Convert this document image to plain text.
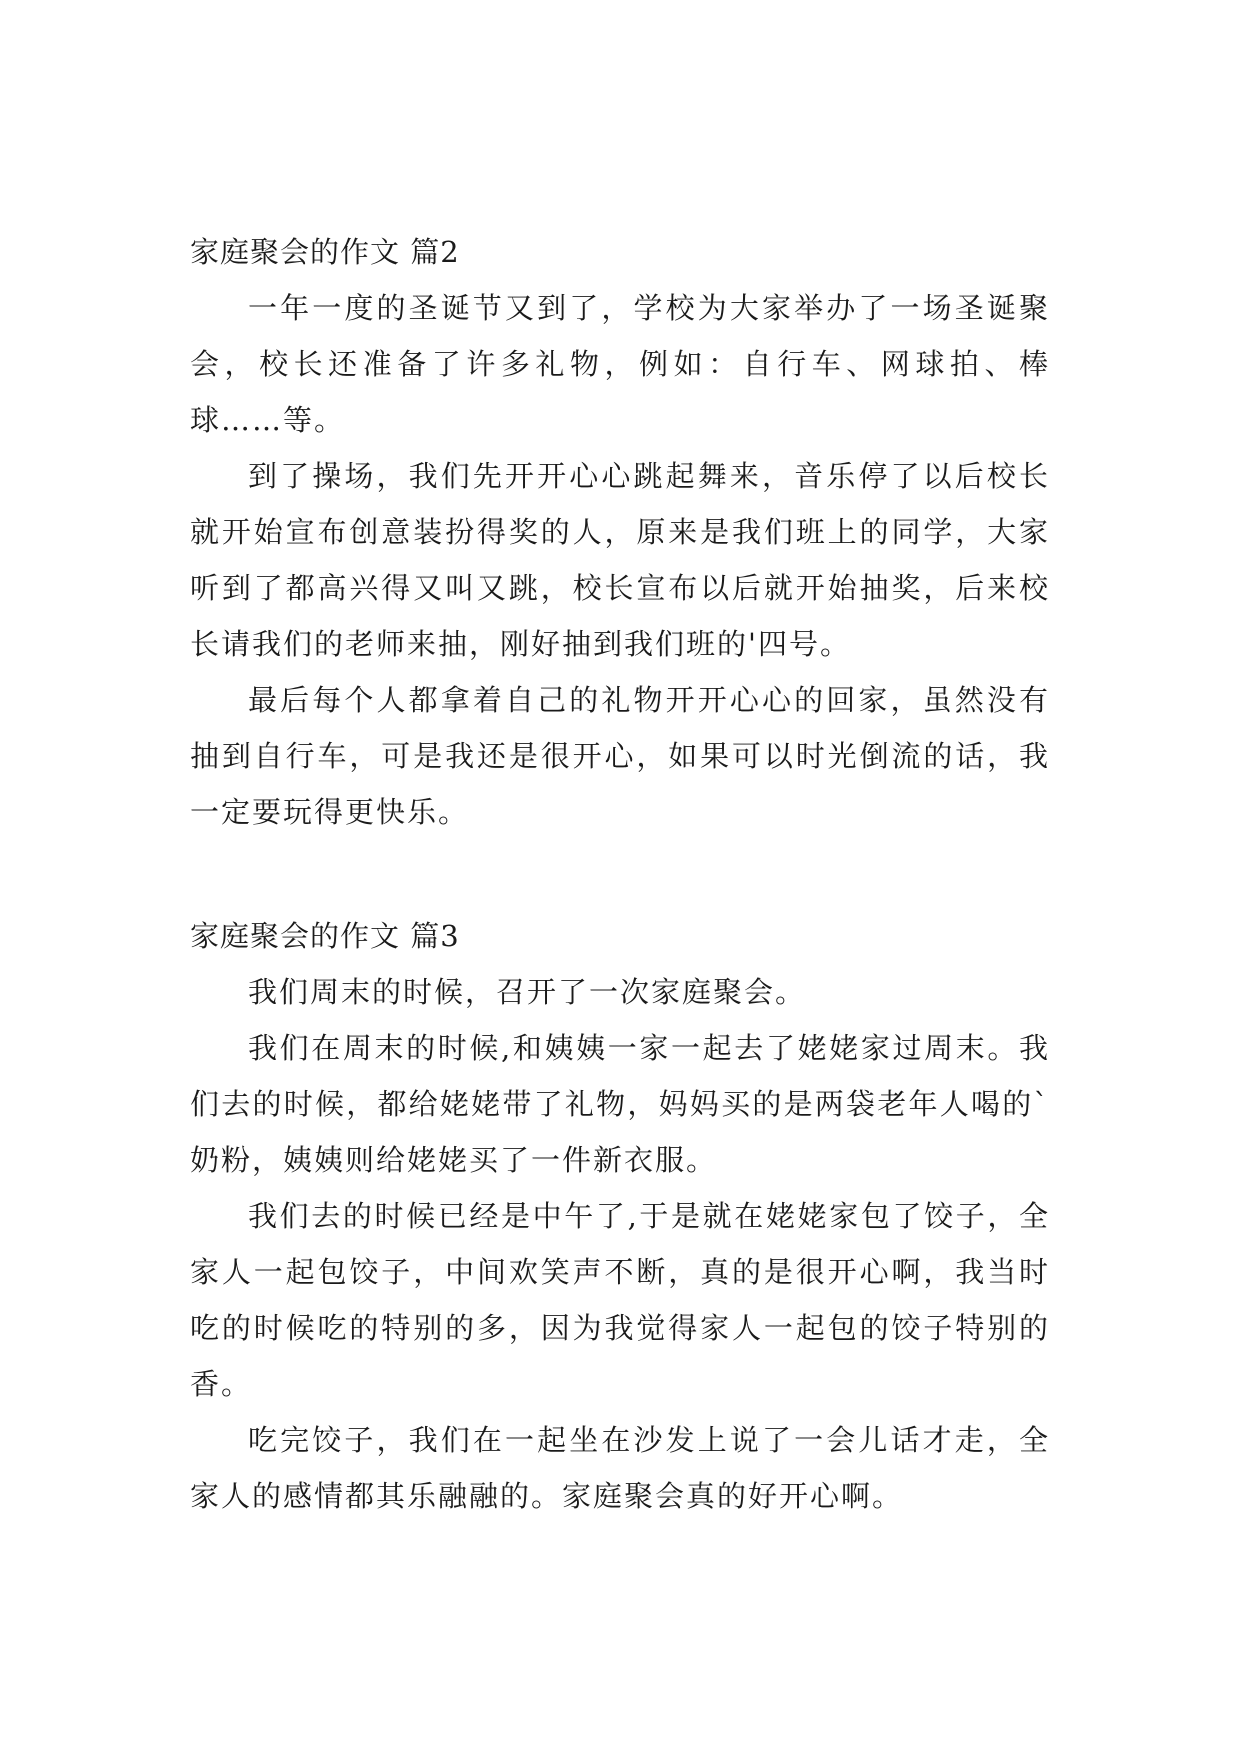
家庭聚会的作文 篇2

一年一度的圣诞节又到了，学校为大家举办了一场圣诞聚会，校长还准备了许多礼物，例如：自行车、网球拍、棒球……等。

到了操场，我们先开开心心跳起舞来，音乐停了以后校长就开始宣布创意装扮得奖的人，原来是我们班上的同学，大家听到了都高兴得又叫又跳，校长宣布以后就开始抽奖，后来校长请我们的老师来抽，刚好抽到我们班的'四号。

最后每个人都拿着自己的礼物开开心心的回家，虽然没有抽到自行车，可是我还是很开心，如果可以时光倒流的话，我一定要玩得更快乐。

家庭聚会的作文 篇3

我们周末的时候，召开了一次家庭聚会。

我们在周末的时候,和姨姨一家一起去了姥姥家过周末。我们去的时候，都给姥姥带了礼物，妈妈买的是两袋老年人喝的`奶粉，姨姨则给姥姥买了一件新衣服。

我们去的时候已经是中午了,于是就在姥姥家包了饺子，全家人一起包饺子，中间欢笑声不断，真的是很开心啊，我当时吃的时候吃的特别的多，因为我觉得家人一起包的饺子特别的香。

吃完饺子，我们在一起坐在沙发上说了一会儿话才走，全家人的感情都其乐融融的。家庭聚会真的好开心啊。
